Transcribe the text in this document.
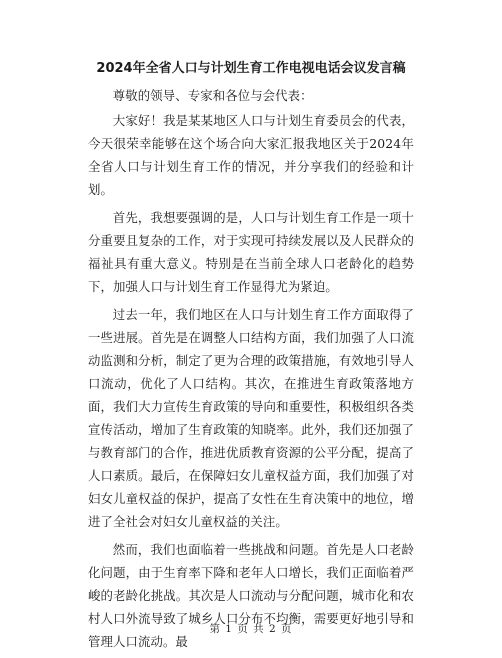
2024年全省人口与计划生育工作电视电话会议发言稿

尊敬的领导、专家和各位与会代表：

大家好！我是某某地区人口与计划生育委员会的代表，今天很荣幸能够在这个场合向大家汇报我地区关于2024年全省人口与计划生育工作的情况，并分享我们的经验和计划。

首先，我想要强调的是，人口与计划生育工作是一项十分重要且复杂的工作，对于实现可持续发展以及人民群众的福祉具有重大意义。特别是在当前全球人口老龄化的趋势下，加强人口与计划生育工作显得尤为紧迫。

过去一年，我们地区在人口与计划生育工作方面取得了一些进展。首先是在调整人口结构方面，我们加强了人口流动监测和分析，制定了更为合理的政策措施，有效地引导人口流动，优化了人口结构。其次，在推进生育政策落地方面，我们大力宣传生育政策的导向和重要性，积极组织各类宣传活动，增加了生育政策的知晓率。此外，我们还加强了与教育部门的合作，推进优质教育资源的公平分配，提高了人口素质。最后，在保障妇女儿童权益方面，我们加强了对妇女儿童权益的保护，提高了女性在生育决策中的地位，增进了全社会对妇女儿童权益的关注。

然而，我们也面临着一些挑战和问题。首先是人口老龄化问题，由于生育率下降和老年人口增长，我们正面临着严峻的老龄化挑战。其次是人口流动与分配问题，城市化和农村人口外流导致了城乡人口分布不均衡，需要更好地引导和管理人口流动。最

第 1 页 共 2 页
